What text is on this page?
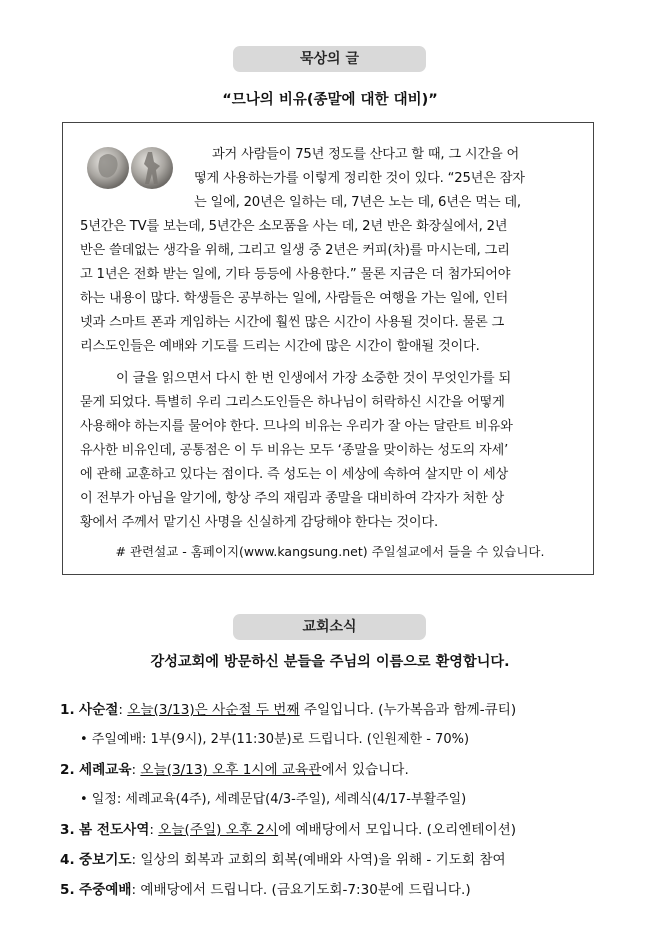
묵상의 글
“므나의 비유(종말에 대한 대비)”
과거 사람들이 75년 정도를 산다고 할 때, 그 시간을 어
떻게 사용하는가를 이렇게 정리한 것이 있다. “25년은 잠자
는 일에, 20년은 일하는 데, 7년은 노는 데, 6년은 먹는 데,
5년간은 TV를 보는데, 5년간은 소모품을 사는 데, 2년 반은 화장실에서, 2년
반은 쓸데없는 생각을 위해, 그리고 일생 중 2년은 커피(차)를 마시는데, 그리
고 1년은 전화 받는 일에, 기타 등등에 사용한다.” 물론 지금은 더 첨가되어야
하는 내용이 많다. 학생들은 공부하는 일에, 사람들은 여행을 가는 일에, 인터
넷과 스마트 폰과 게임하는 시간에 훨씬 많은 시간이 사용될 것이다. 물론 그
리스도인들은 예배와 기도를 드리는 시간에 많은 시간이 할애될 것이다.
이 글을 읽으면서 다시 한 번 인생에서 가장 소중한 것이 무엇인가를 되
묻게 되었다. 특별히 우리 그리스도인들은 하나님이 허락하신 시간을 어떻게
사용해야 하는지를 물어야 한다. 므나의 비유는 우리가 잘 아는 달란트 비유와
유사한 비유인데, 공통점은 이 두 비유는 모두 ‘종말을 맞이하는 성도의 자세’
에 관해 교훈하고 있다는 점이다. 즉 성도는 이 세상에 속하여 살지만 이 세상
이 전부가 아님을 알기에, 항상 주의 재림과 종말을 대비하여 각자가 처한 상
황에서 주께서 맡기신 사명을 신실하게 감당해야 한다는 것이다.
# 관련설교 - 홈페이지(www.kangsung.net) 주일설교에서 들을 수 있습니다.
교회소식
강성교회에 방문하신 분들을 주님의 이름으로 환영합니다.
1. 사순절: 오늘(3/13)은 사순절 두 번째 주일입니다. (누가복음과 함께-큐티)
• 주일예배: 1부(9시), 2부(11:30분)로 드립니다. (인원제한 - 70%)
2. 세례교육: 오늘(3/13) 오후 1시에 교육관에서 있습니다.
• 일정: 세례교육(4주), 세례문답(4/3-주일), 세례식(4/17-부활주일)
3. 봄 전도사역: 오늘(주일) 오후 2시에 예배당에서 모입니다. (오리엔테이션)
4. 중보기도: 일상의 회복과 교회의 회복(예배와 사역)을 위해 - 기도회 참여
5. 주중예배: 예배당에서 드립니다. (금요기도회-7:30분에 드립니다.)
